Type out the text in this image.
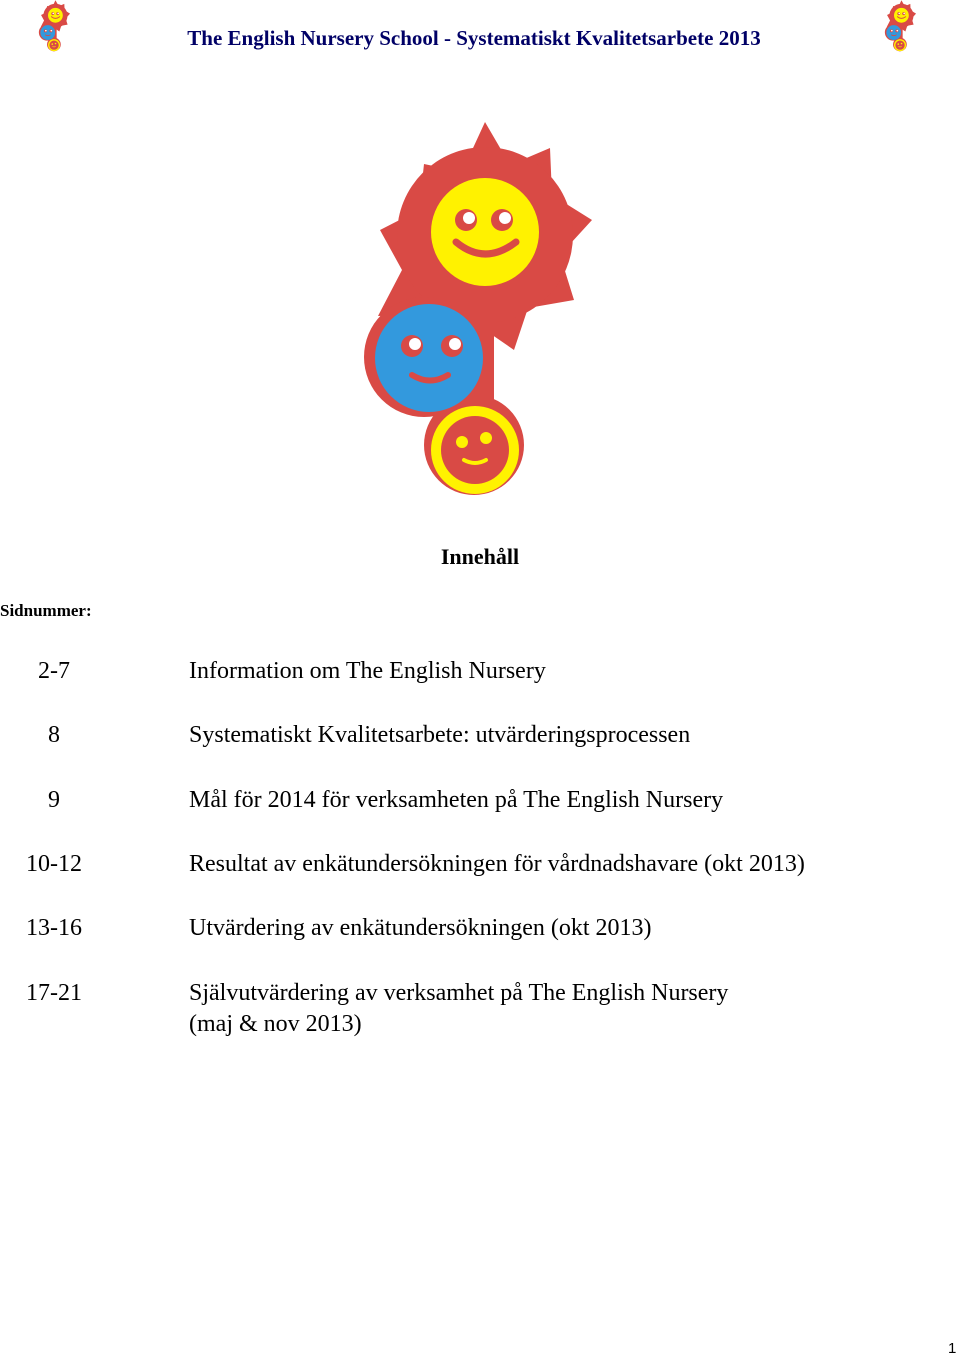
The English Nursery School - Systematiskt Kvalitetsarbete 2013
Innehåll
Sidnummer:
2-7	Information om The English Nursery
8	Systematiskt Kvalitetsarbete: utvärderingsprocessen
9	Mål för 2014 för verksamheten på The English Nursery
10-12	Resultat av enkätundersökningen för vårdnadshavare (okt 2013)
13-16	Utvärdering av enkätundersökningen (okt 2013)
17-21	Självutvärdering av verksamhet på The English Nursery
(maj & nov 2013)
1
